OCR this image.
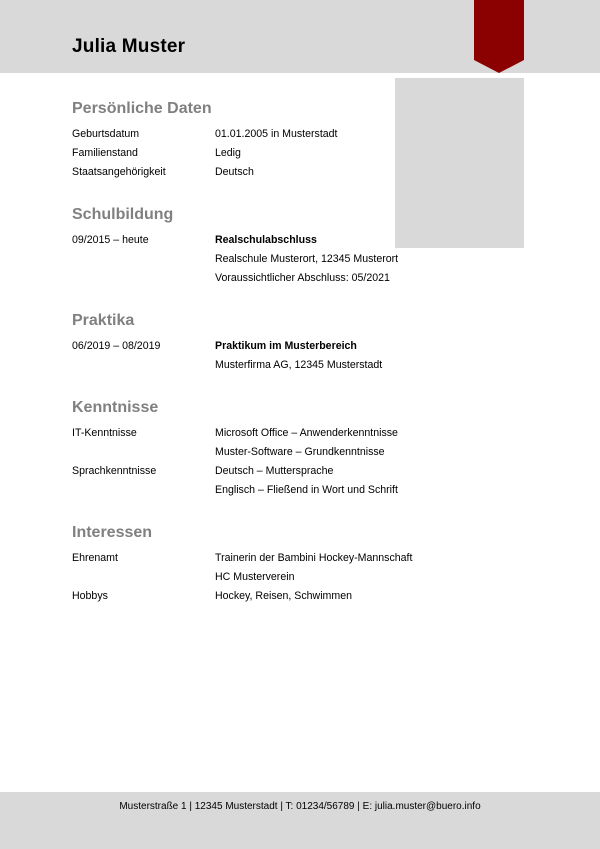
Julia Muster
Persönliche Daten
Geburtsdatum	01.01.2005 in Musterstadt
Familienstand	Ledig
Staatsangehörigkeit	Deutsch
Schulbildung
09/2015 – heute	Realschulabschluss
Realschule Musterort, 12345 Musterort
Voraussichtlicher Abschluss: 05/2021
Praktika
06/2019 – 08/2019	Praktikum im Musterbereich
Musterfirma AG, 12345 Musterstadt
Kenntnisse
IT-Kenntnisse	Microsoft Office – Anwenderkenntnisse
Muster-Software – Grundkenntnisse
Sprachkenntnisse	Deutsch – Muttersprache
Englisch – Fließend in Wort und Schrift
Interessen
Ehrenamt	Trainerin der Bambini Hockey-Mannschaft
HC Musterverein
Hobbys	Hockey, Reisen, Schwimmen
Musterstraße 1 | 12345 Musterstadt | T: 01234/56789 | E: julia.muster@buero.info
